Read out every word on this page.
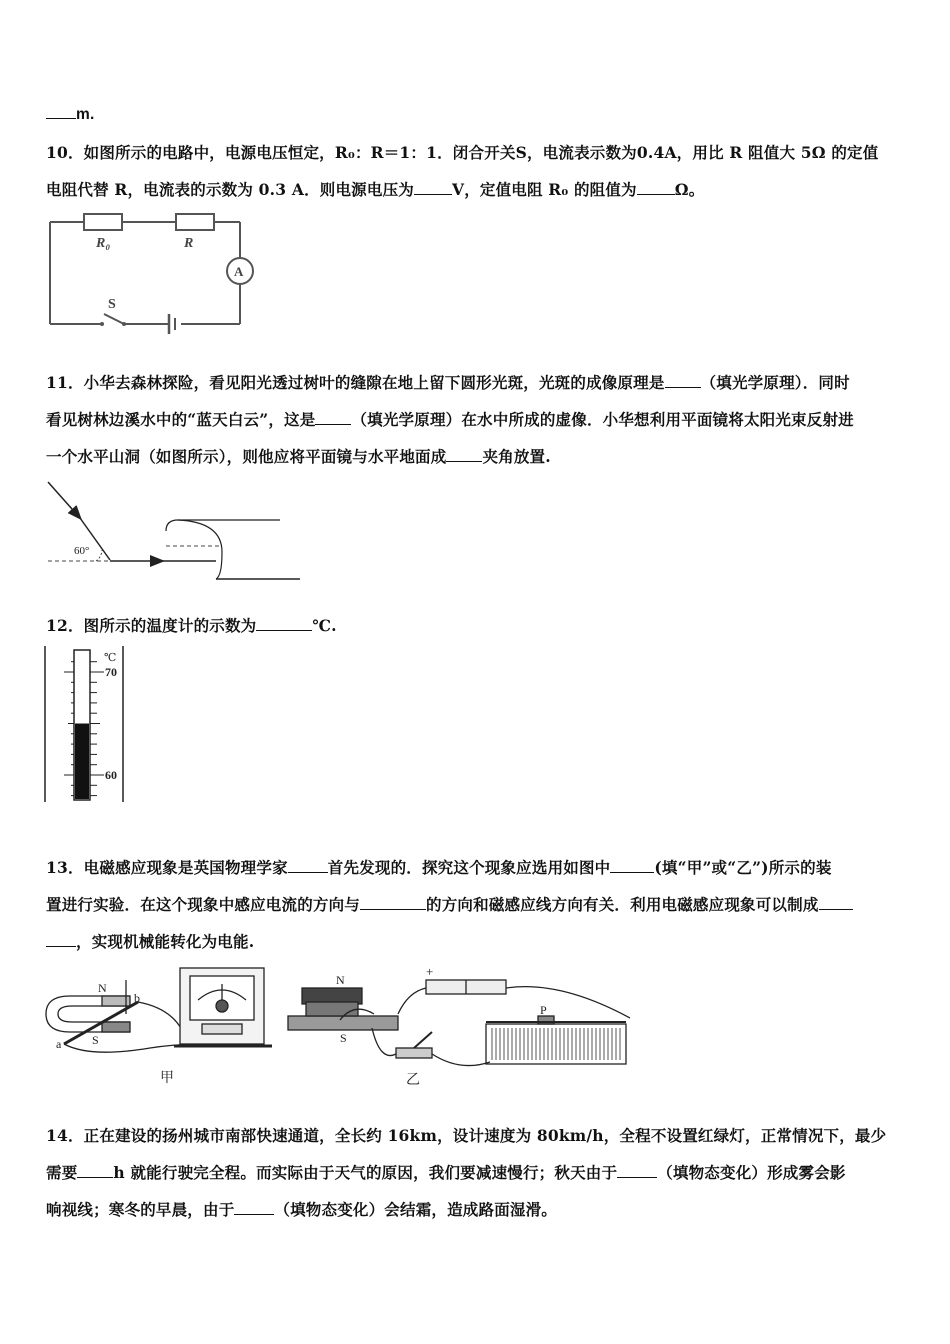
m.
10．如图所示的电路中，电源电压恒定，R₀：R＝1：1．闭合开关S，电流表示数为0.4A，用比 R 阻值大 5Ω 的定值
电阻代替 R，电流表的示数为 0.3 A．则电源电压为 V，定值电阻 R₀ 的阻值为 Ω。
R₀	R
A
S
11．小华去森林探险，看见阳光透过树叶的缝隙在地上留下圆形光斑，光斑的成像原理是 （填光学原理）．同时
看见树林边溪水中的“蓝天白云”，这是 （填光学原理）在水中所成的虚像．小华想利用平面镜将太阳光束反射进
一个水平山洞（如图所示），则他应将平面镜与水平地面成 夹角放置.
60°
12．图所示的温度计的示数为	℃.
℃
70
60
13．电磁感应现象是英国物理学家	首先发现的．探究这个现象应选用如图中	(填“甲”或“乙”)所示的装
置进行实验．在这个现象中感应电流的方向与	的方向和磁感应线方向有关．利用电磁感应现象可以制成
，实现机械能转化为电能.
N
b
a	S
甲
N
S
+
P
乙
14．正在建设的扬州城市南部快速通道，全长约 16km，设计速度为 80km/h，全程不设置红绿灯，正常情况下，最少
需要 h 就能行驶完全程。而实际由于天气的原因，我们要减速慢行；秋天由于	（填物态变化）形成雾会影
响视线；寒冬的早晨，由于	（填物态变化）会结霜，造成路面湿滑。
